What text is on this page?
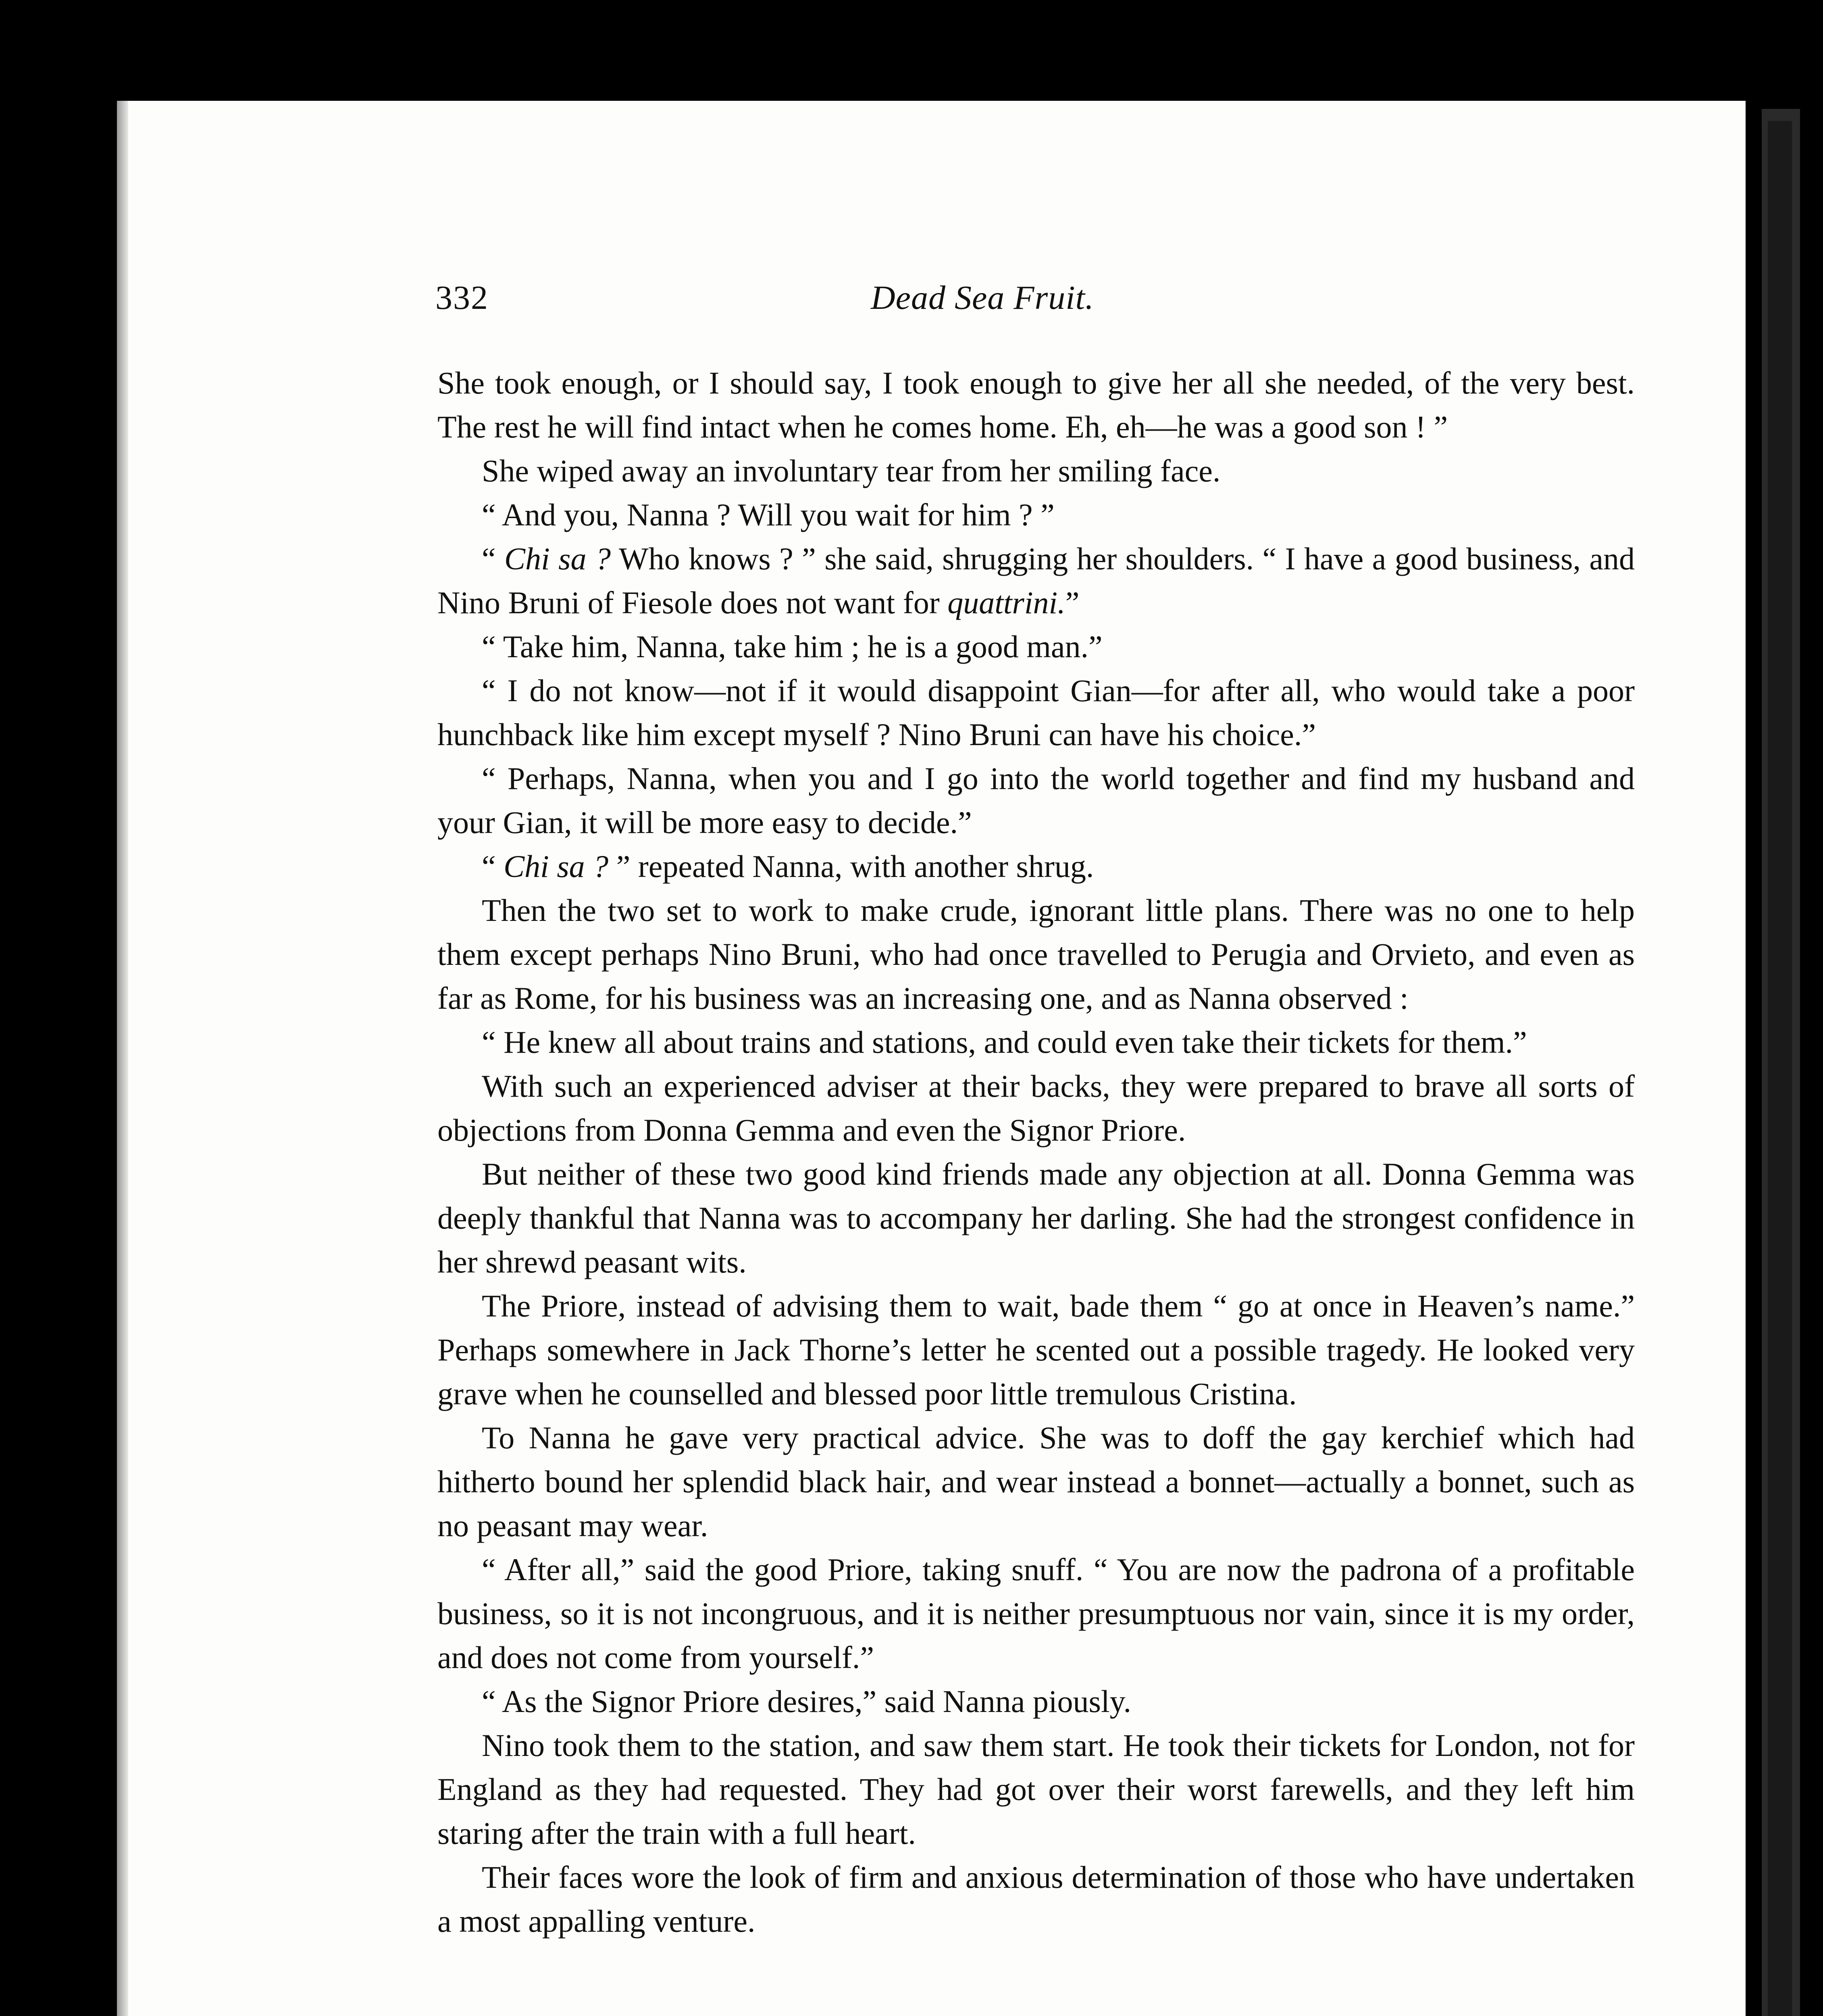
332	Dead Sea Fruit.

She took enough, or I should say, I took enough to give her all she needed, of the very best. The rest he will find intact when he comes home. Eh, eh—he was a good son ! ”

She wiped away an involuntary tear from her smiling face.

“ And you, Nanna ? Will you wait for him ? ”

“ Chi sa ? Who knows ? ” she said, shrugging her shoulders. “ I have a good business, and Nino Bruni of Fiesole does not want for quattrini.”

“ Take him, Nanna, take him ; he is a good man.”

“ I do not know—not if it would disappoint Gian—for after all, who would take a poor hunchback like him except myself ? Nino Bruni can have his choice.”

“ Perhaps, Nanna, when you and I go into the world together and find my husband and your Gian, it will be more easy to decide.”

“ Chi sa ? ” repeated Nanna, with another shrug.

Then the two set to work to make crude, ignorant little plans. There was no one to help them except perhaps Nino Bruni, who had once travelled to Perugia and Orvieto, and even as far as Rome, for his business was an increasing one, and as Nanna observed :

“ He knew all about trains and stations, and could even take their tickets for them.”

With such an experienced adviser at their backs, they were prepared to brave all sorts of objections from Donna Gemma and even the Signor Priore.

But neither of these two good kind friends made any objection at all. Donna Gemma was deeply thankful that Nanna was to accompany her darling. She had the strongest confidence in her shrewd peasant wits.

The Priore, instead of advising them to wait, bade them “ go at once in Heaven’s name.” Perhaps somewhere in Jack Thorne’s letter he scented out a possible tragedy. He looked very grave when he counselled and blessed poor little tremulous Cristina.

To Nanna he gave very practical advice. She was to doff the gay kerchief which had hitherto bound her splendid black hair, and wear instead a bonnet—actually a bonnet, such as no peasant may wear.

“ After all,” said the good Priore, taking snuff. “ You are now the padrona of a profitable business, so it is not incongruous, and it is neither presumptuous nor vain, since it is my order, and does not come from yourself.”

“ As the Signor Priore desires,” said Nanna piously.

Nino took them to the station, and saw them start. He took their tickets for London, not for England as they had requested. They had got over their worst farewells, and they left him staring after the train with a full heart.

Their faces wore the look of firm and anxious determination of those who have undertaken a most appalling venture.
